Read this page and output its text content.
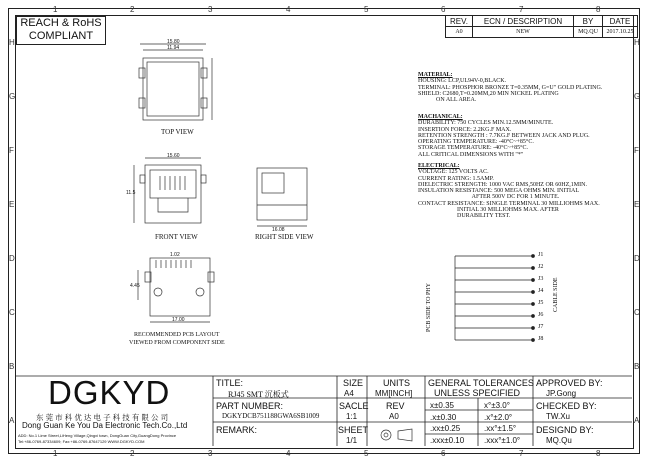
1	2	3	4	5	6	7	8
1	2	3	4	5	6	7	8
H
G
F
E
D
C
B
A
H
G
F
E
D
C
B
A
REACH & RoHS
COMPLIANT
REV.	ECN / DESCRIPTION	BY	DATE
A0	NEW	MQ.QU	2017.10.25
TOP VIEW
FRONT VIEW	RIGHT SIDE VIEW
RECOMMENDED PCB LAYOUT
VIEWED FROM COMPONENT SIDE
11.94
15.80
15.60
11.5
16.08
17.00
1.02
4.45
MATERIAL:
HOUSING: LCP,UL94V-0,BLACK.
TERMINAL: PHOSPHOR BRONZE T=0.35MM, G=U" GOLD PLATING.
SHIELD: C2680,T=0.20MM,20 MIN NICKEL PLATING
ON ALL AREA.
MACHANICAL:
DURABILITY: 750 CYCLES MIN.12.5MM/MINUTE.
INSERTION FORCE: 2.2KG.F MAX.
RETENTION STRENGTH : 7.7KG.F BETWEEN JACK AND PLUG.
OPERATING TEMPERATURE: -40°C~+85°C.
STORAGE TEMPERATURE: -40°C~+85°C.
ALL CRITICAL DIMENSIONS WITH "*"
ELECTRICAL:
VOLTAGE: 125 VOLTS AC.
CURRENT RATING: 1.5AMP.
DIELECTRIC STRENGTH: 1000 VAC RMS,50HZ OR 60HZ,1MIN.
INSULATION RESISTANCE: 500 MEGA OHMS MIN. INITIAL
AFTER 500V DC FOR 1 MINUTE.
CONTACT RESISTANCE: SINGLE TERMINAL 30 MILLIOHMS MAX.
INITIAL 30 MILLIOHMS MAX. AFTER
DURABILITY TEST.
PCB SIDE TO PHY	CABLE SIDE
J1
J2
J3
J4
J5
J6
J7
J8
DGKYD
东 莞 市 科 优 达 电 子 科 技 有 限 公 司
Dong Guan Ke You Da Electronic Tech.Co.,Ltd
ADD: No.1 Lime Street,LiHeng Village,Qingxi town, DongGuan City,GuangDong Province
Tel:+86-0769-87334609; Fax:+86-0769-87647129 WWW.DGKYD.COM
TITLE:
RJ45 SMT 沉板式
PART NUMBER:
DGKYDCB751188GWA6SB1009
REMARK:
SIZE
A4
SACLE
1:1
SHEET
1/1
UNITS
MM[INCH]
REV
A0
GENERAL TOLERANCES
UNLESS SPECIFIED
x±0.35	x°±3.0°
.x±0.30	.x°±2.0°
.xx±0.25	.xx°±1.5°
.xxx±0.10 .xxx°±1.0°
APPROVED BY:
JP.Gong
CHECKED BY:
TW.Xu
DESIGND BY:
MQ.Qu
